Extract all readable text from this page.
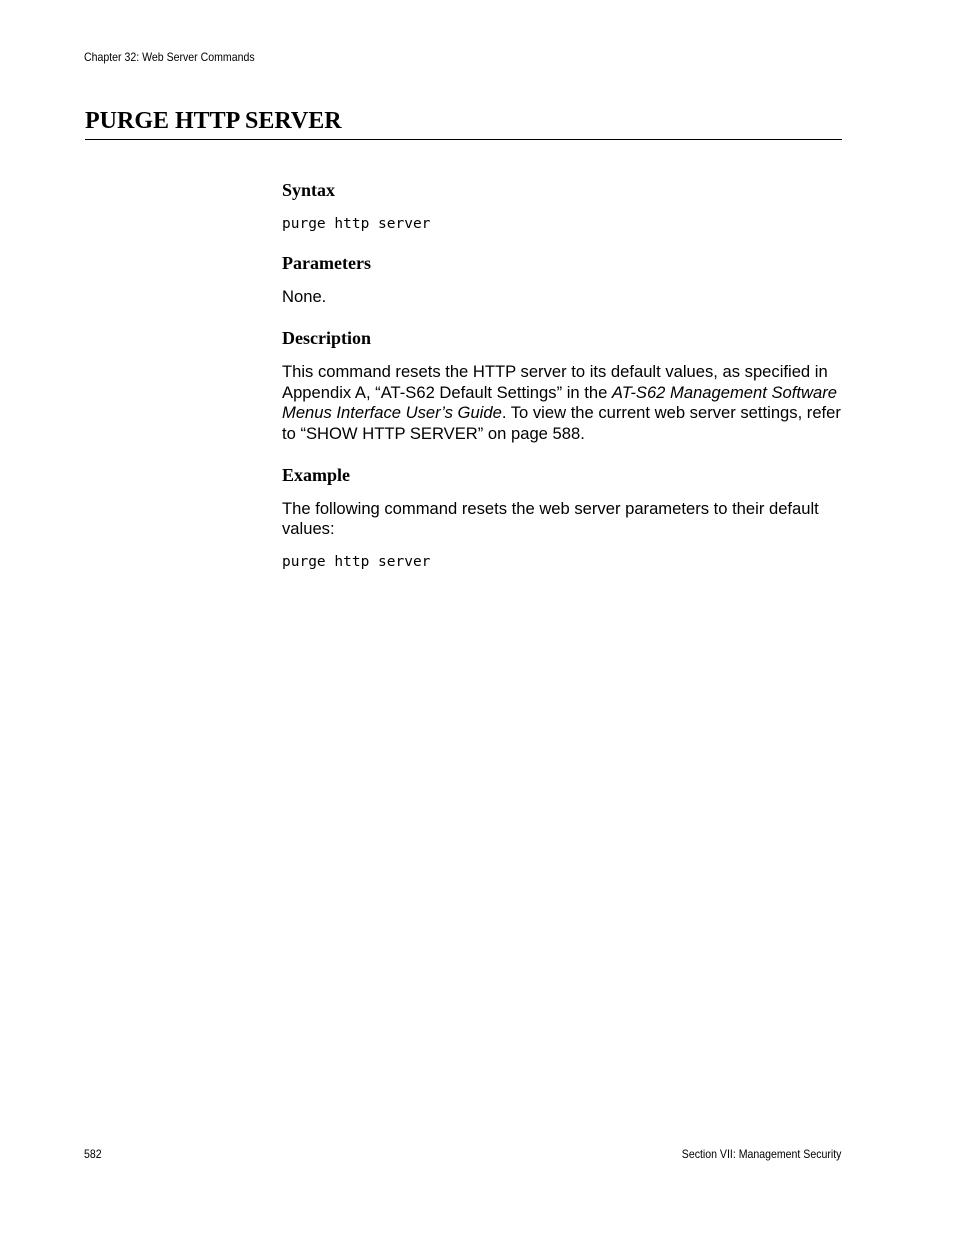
Chapter 32: Web Server Commands
PURGE HTTP SERVER
Syntax
purge http server
Parameters

None.

Description

This command resets the HTTP server to its default values, as specified in Appendix A, “AT-S62 Default Settings” in the AT-S62 Management Software Menus Interface User’s Guide. To view the current web server settings, refer to “SHOW HTTP SERVER” on page 588.

Example

The following command resets the web server parameters to their default values:

purge http server
582	Section VII: Management Security
